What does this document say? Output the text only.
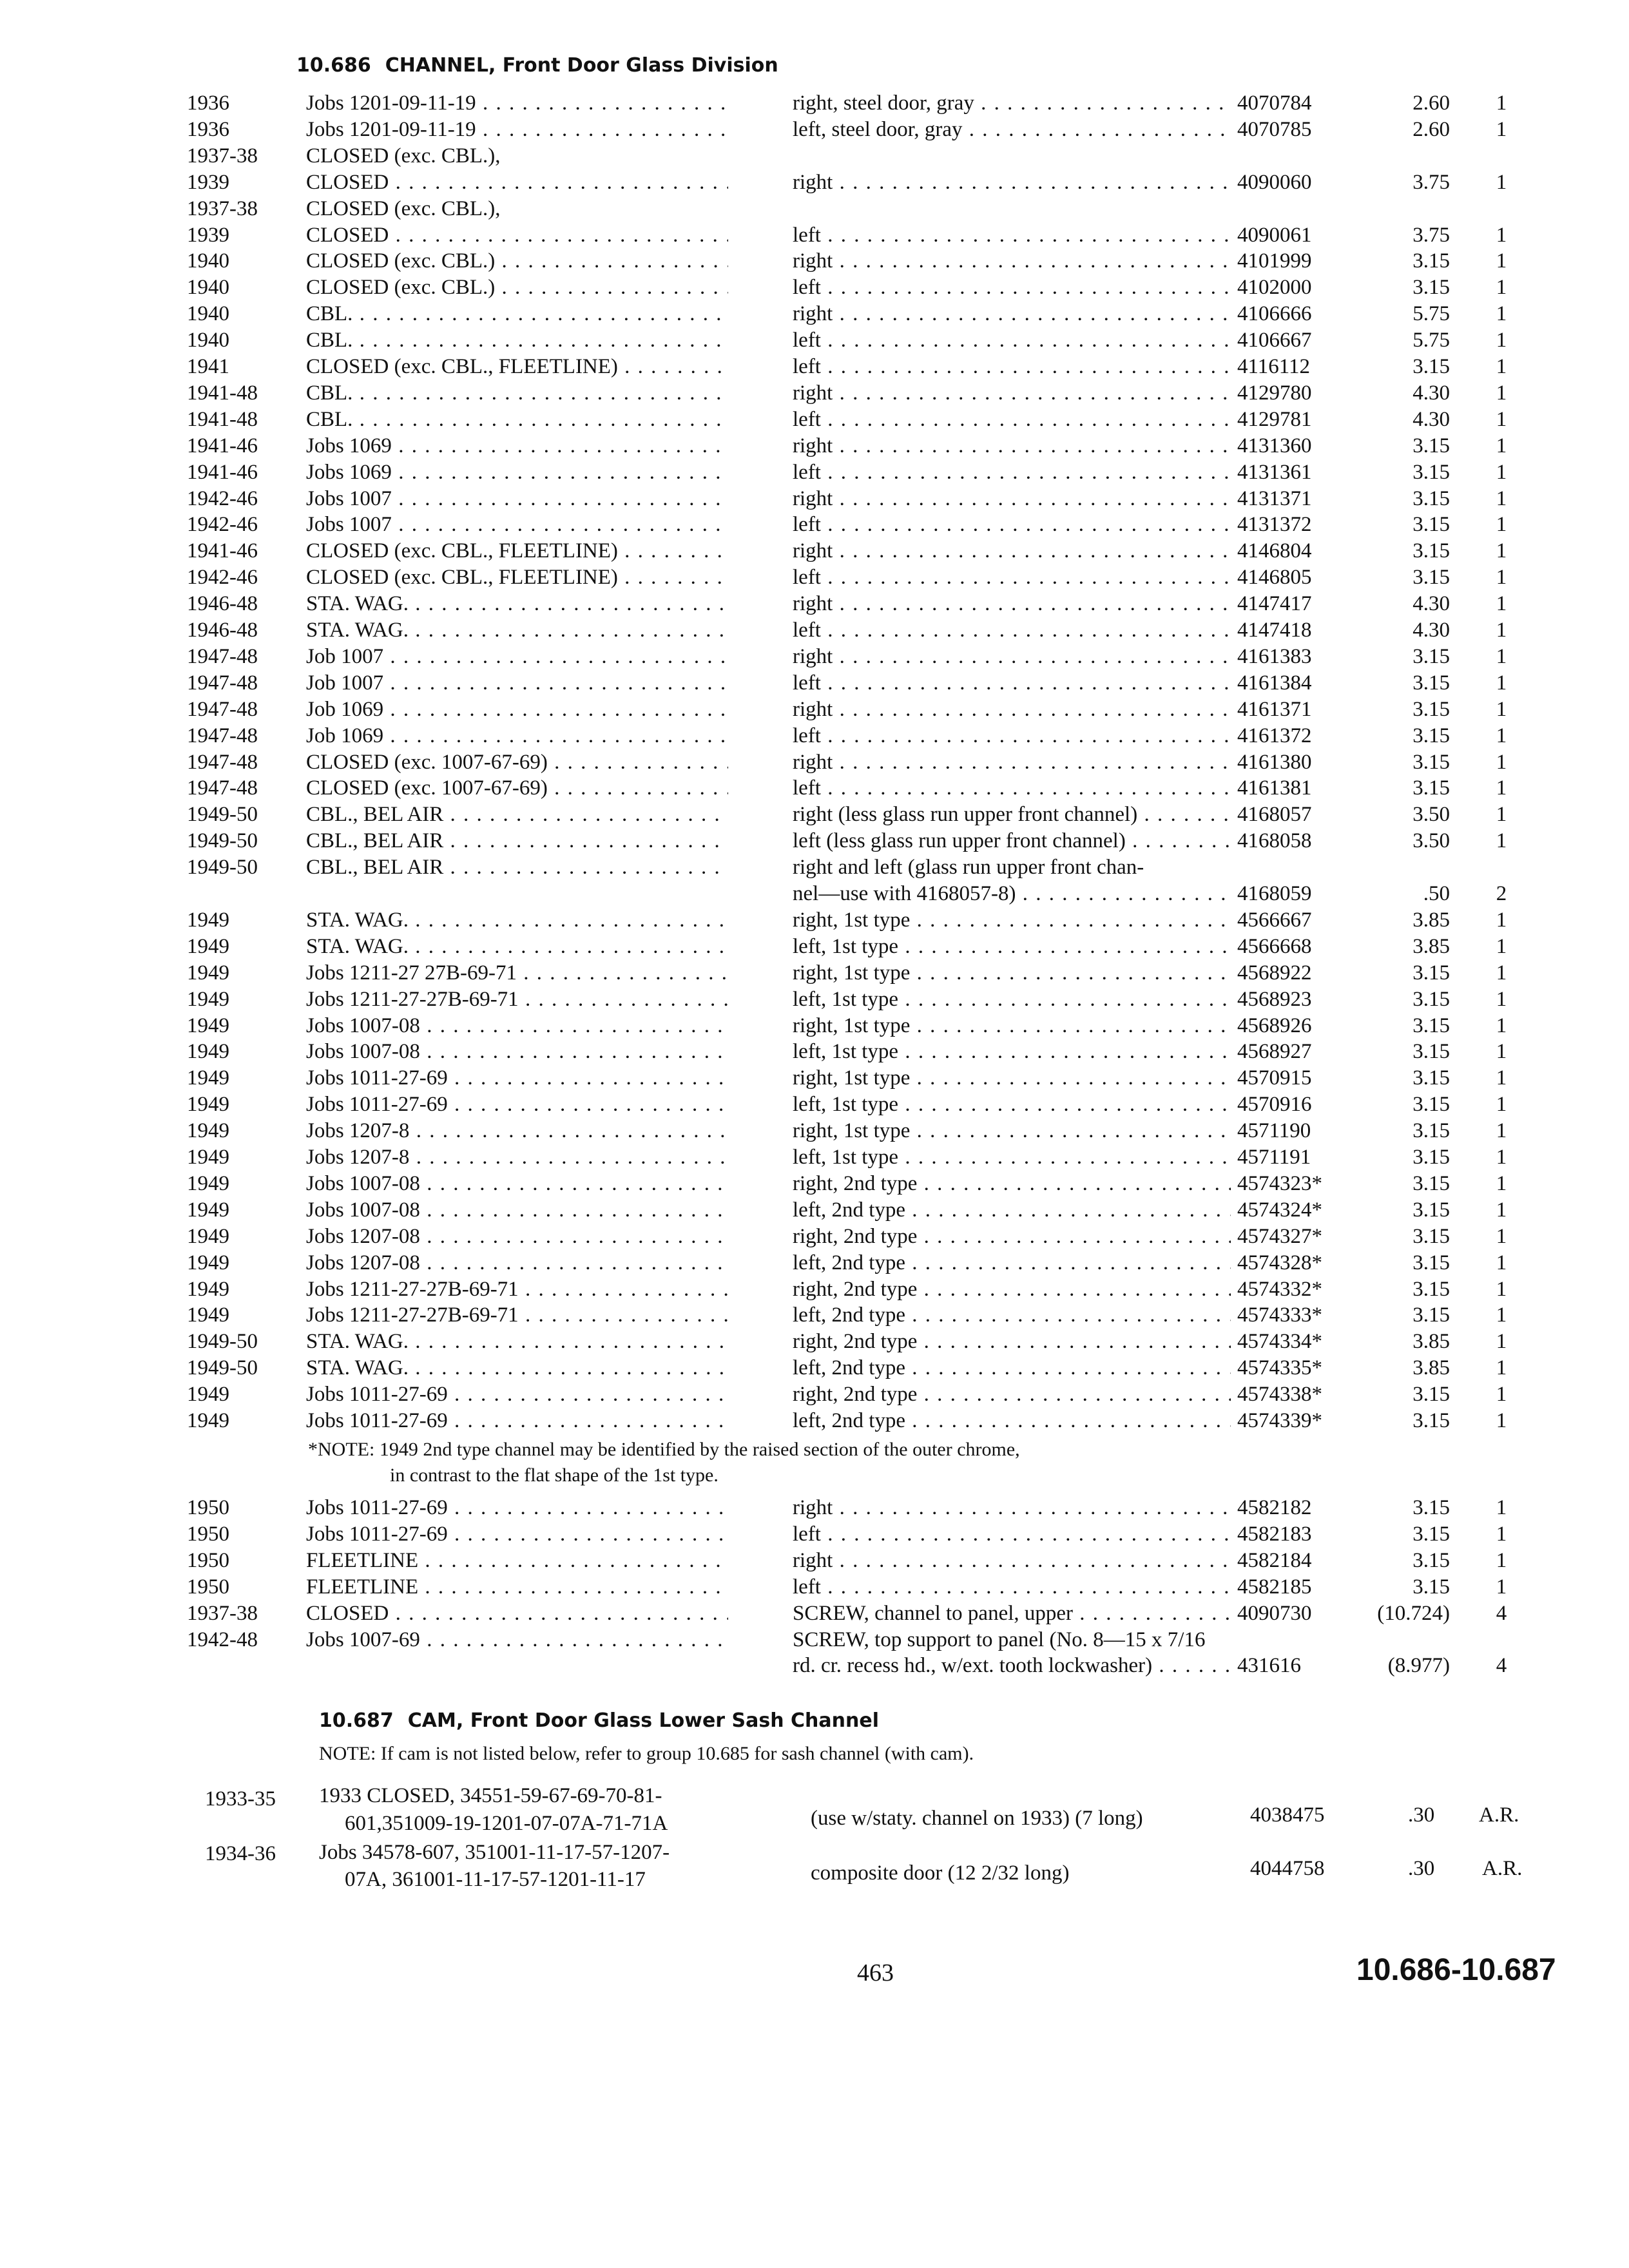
10.686 CHANNEL, Front Door Glass Division
1936	Jobs 1201-09-11-19 . . .	right, steel door, gray . . .	4070784	2.60	1
1936	Jobs 1201-09-11-19 . . .	left, steel door, gray . . .	4070785	2.60	1
1937-38	CLOSED (exc. CBL.),
1939	CLOSED . . .	right . . .	4090060	3.75	1
1937-38	CLOSED (exc. CBL.),
1939	CLOSED . . .	left . . .	4090061	3.75	1
1940	CLOSED (exc. CBL.) . . .	right . . .	4101999	3.15	1
1940	CLOSED (exc. CBL.) . . .	left . . .	4102000	3.15	1
1940	CBL. . . .	right . . .	4106666	5.75	1
1940	CBL. . . .	left . . .	4106667	5.75	1
1941	CLOSED (exc. CBL., FLEETLINE) . . .	left . . .	4116112	3.15	1
1941-48	CBL. . . .	right . . .	4129780	4.30	1
1941-48	CBL. . . .	left . . .	4129781	4.30	1
1941-46	Jobs 1069 . . .	right . . .	4131360	3.15	1
1941-46	Jobs 1069 . . .	left . . .	4131361	3.15	1
1942-46	Jobs 1007 . . .	right . . .	4131371	3.15	1
1942-46	Jobs 1007 . . .	left . . .	4131372	3.15	1
1941-46	CLOSED (exc. CBL., FLEETLINE) . . .	right . . .	4146804	3.15	1
1942-46	CLOSED (exc. CBL., FLEETLINE) . . .	left . . .	4146805	3.15	1
1946-48	STA. WAG. . . .	right . . .	4147417	4.30	1
1946-48	STA. WAG. . . .	left . . .	4147418	4.30	1
1947-48	Job 1007 . . .	right . . .	4161383	3.15	1
1947-48	Job 1007 . . .	left . . .	4161384	3.15	1
1947-48	Job 1069 . . .	right . . .	4161371	3.15	1
1947-48	Job 1069 . . .	left . . .	4161372	3.15	1
1947-48	CLOSED (exc. 1007-67-69) . . .	right . . .	4161380	3.15	1
1947-48	CLOSED (exc. 1007-67-69) . . .	left . . .	4161381	3.15	1
1949-50	CBL., BEL AIR . . .	right (less glass run upper front channel) . . .	4168057	3.50	1
1949-50	CBL., BEL AIR . . .	left (less glass run upper front channel) . . .	4168058	3.50	1
1949-50	CBL., BEL AIR . . .	right and left (glass run upper front chan-
nel—use with 4168057-8) . . .	4168059	.50	2
1949	STA. WAG. . . .	right, 1st type . . .	4566667	3.85	1
1949	STA. WAG. . . .	left, 1st type . . .	4566668	3.85	1
1949	Jobs 1211-27 27B-69-71 . . .	right, 1st type . . .	4568922	3.15	1
1949	Jobs 1211-27-27B-69-71 . . .	left, 1st type . . .	4568923	3.15	1
1949	Jobs 1007-08 . . .	right, 1st type . . .	4568926	3.15	1
1949	Jobs 1007-08 . . .	left, 1st type . . .	4568927	3.15	1
1949	Jobs 1011-27-69 . . .	right, 1st type . . .	4570915	3.15	1
1949	Jobs 1011-27-69 . . .	left, 1st type . . .	4570916	3.15	1
1949	Jobs 1207-8 . . .	right, 1st type . . .	4571190	3.15	1
1949	Jobs 1207-8 . . .	left, 1st type . . .	4571191	3.15	1
1949	Jobs 1007-08 . . .	right, 2nd type . . .	4574323*	3.15	1
1949	Jobs 1007-08 . . .	left, 2nd type . . .	4574324*	3.15	1
1949	Jobs 1207-08 . . .	right, 2nd type . . .	4574327*	3.15	1
1949	Jobs 1207-08 . . .	left, 2nd type . . .	4574328*	3.15	1
1949	Jobs 1211-27-27B-69-71 . . .	right, 2nd type . . .	4574332*	3.15	1
1949	Jobs 1211-27-27B-69-71 . . .	left, 2nd type . . .	4574333*	3.15	1
1949-50	STA. WAG. . . .	right, 2nd type . . .	4574334*	3.85	1
1949-50	STA. WAG. . . .	left, 2nd type . . .	4574335*	3.85	1
1949	Jobs 1011-27-69 . . .	right, 2nd type . . .	4574338*	3.15	1
1949	Jobs 1011-27-69 . . .	left, 2nd type . . .	4574339*	3.15	1
*NOTE: 1949 2nd type channel may be identified by the raised section of the outer chrome,
in contrast to the flat shape of the 1st type.
1950	Jobs 1011-27-69 . . .	right . . .	4582182	3.15	1
1950	Jobs 1011-27-69 . . .	left . . .	4582183	3.15	1
1950	FLEETLINE . . .	right . . .	4582184	3.15	1
1950	FLEETLINE . . .	left . . .	4582185	3.15	1
1937-38	CLOSED . . .	SCREW, channel to panel, upper . . .	4090730	(10.724)	4
1942-48	Jobs 1007-69 . . .	SCREW, top support to panel (No. 8—15 x 7/16
rd. cr. recess hd., w/ext. tooth lockwasher) . . .	431616	(8.977)	4
10.687 CAM, Front Door Glass Lower Sash Channel
NOTE: If cam is not listed below, refer to group 10.685 for sash channel (with cam).
1933-35 1933 CLOSED, 34551-59-67-69-70-81-
601,351009-19-1201-07-07A-71-71A	(use w/staty. channel on 1933) (7 long)	4038475	.30 A.R.
1934-36 Jobs 34578-607, 351001-11-17-57-1207-
07A, 361001-11-17-57-1201-11-17	composite door (12 2/32 long)	4044758	.30 A.R.
463	10.686-10.687
